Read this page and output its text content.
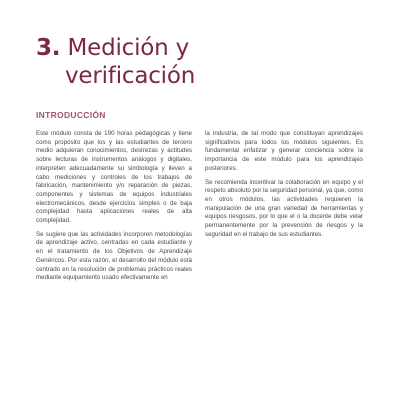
3. Medición y
verificación
INTRODUCCIÓN

Este módulo consta de 190 horas pedagógicas y tiene como propósito que los y las estudiantes de tercero medio adquieran conocimientos, destrezas y actitudes sobre lecturas de instrumentos análogos y digitales, interpreten adecuadamente su simbología y lleven a cabo mediciones y controles de los trabajos de fabricación, mantenimiento y/o reparación de piezas, componentes y sistemas de equipos industriales electromecánicos, desde ejercicios simples o de baja complejidad hasta aplicaciones reales de alta complejidad.

Se sugiere que las actividades incorporen metodologías de aprendizaje activo, centradas en cada estudiante y en el tratamiento de los Objetivos de Aprendizaje Genéricos. Por esta razón, el desarrollo del módulo está centrado en la resolución de problemas prácticos reales mediante equipamiento usado efectivamente en

la industria, de tal modo que constituyan aprendizajes significativos para todos los módulos siguientes. Es fundamental enfatizar y generar conciencia sobre la importancia de este módulo para los aprendizajes posteriores.

Se recomienda incentivar la colaboración en equipo y el respeto absoluto por la seguridad personal, ya que, como en otros módulos, las actividades requieren la manipulación de una gran variedad de herramientas y equipos riesgosos, por lo que el o la docente debe velar permanentemente por la prevención de riesgos y la seguridad en el trabajo de sus estudiantes.
